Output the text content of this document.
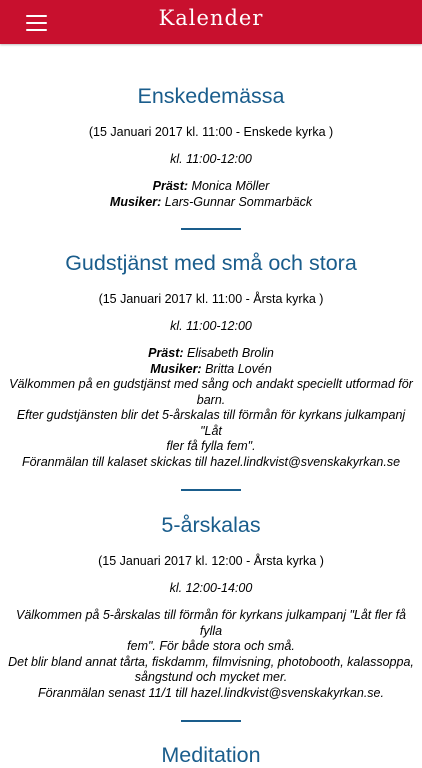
Kalender
Enskedemässa

(15 Januari 2017 kl. 11:00 - Enskede kyrka )

kl. 11:00-12:00

Präst: Monica Möller
Musiker: Lars-Gunnar Sommarbäck
Gudstjänst med små och stora

(15 Januari 2017 kl. 11:00 - Årsta kyrka )

kl. 11:00-12:00

Präst: Elisabeth Brolin
Musiker: Britta Lovén
Välkommen på en gudstjänst med sång och andakt speciellt utformad för
barn.
Efter gudstjänsten blir det 5-årskalas till förmån för kyrkans julkampanj "Låt
fler få fylla fem".
Föranmälan till kalaset skickas till hazel.lindkvist@svenskakyrkan.se
5-årskalas

(15 Januari 2017 kl. 12:00 - Årsta kyrka )

kl. 12:00-14:00

Välkommen på 5-årskalas till förmån för kyrkans julkampanj "Låt fler få fylla
fem". För både stora och små.
Det blir bland annat tårta, fiskdamm, filmvisning, photobooth, kalassoppa,
sångstund och mycket mer.
Föranmälan senast 11/1 till hazel.lindkvist@svenskakyrkan.se.
Meditation
